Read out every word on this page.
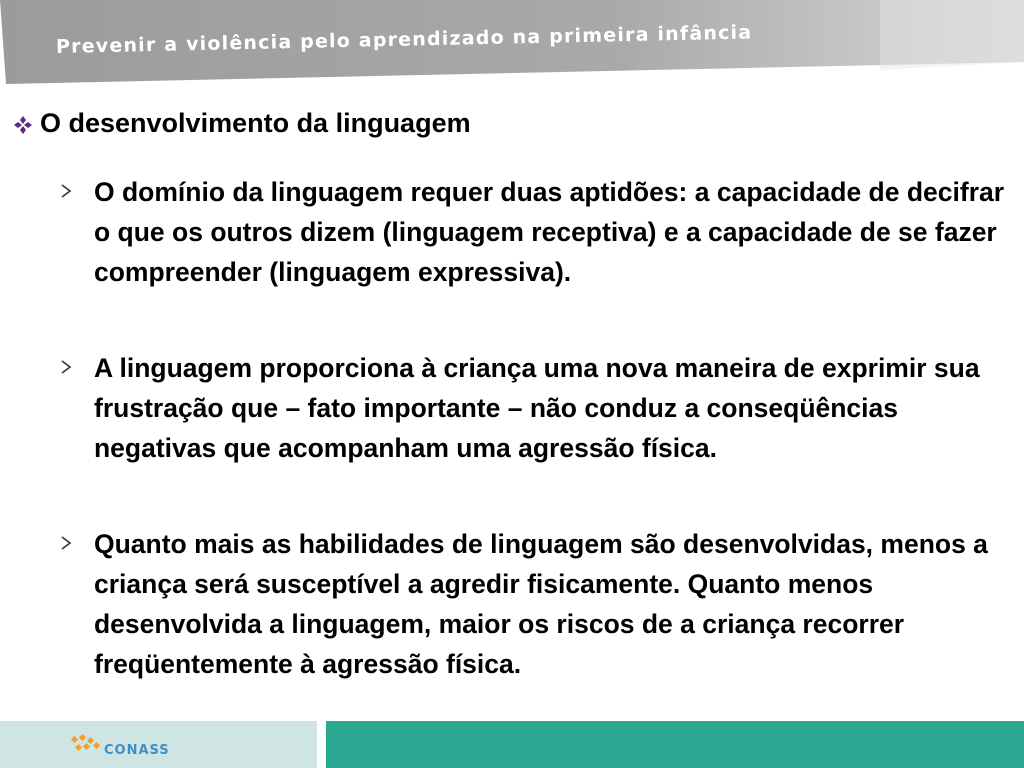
Prevenir a violência pelo aprendizado na primeira infância
O desenvolvimento da linguagem
O domínio da linguagem requer duas aptidões: a capacidade de decifrar o que os outros dizem (linguagem receptiva) e a capacidade de se fazer compreender (linguagem expressiva).
A linguagem proporciona à criança uma nova maneira de exprimir sua frustração que – fato importante – não conduz a conseqüências negativas que acompanham uma agressão física.
Quanto mais as habilidades de linguagem são desenvolvidas, menos a criança será susceptível a agredir fisicamente. Quanto menos desenvolvida a linguagem, maior os riscos de a criança recorrer freqüentemente à agressão física.
CONASS
